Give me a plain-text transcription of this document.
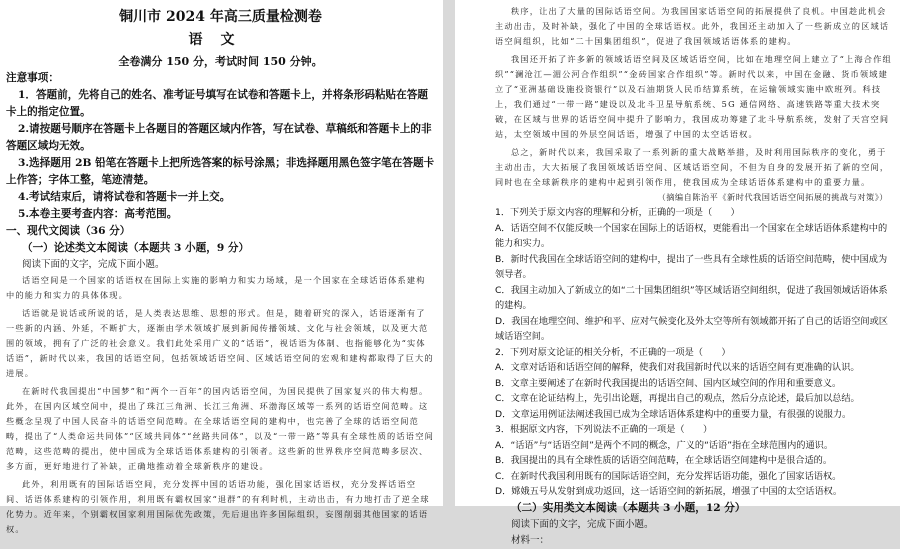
铜川市 2024 年高三质量检测卷
语文
全卷满分 150 分，考试时间 150 分钟。
注意事项：
1．答题前，先将自己的姓名、准考证号填写在试卷和答题卡上，并将条形码粘贴在答题卡上的指定位置。
2.请按题号顺序在答题卡上各题目的答题区域内作答，写在试卷、草稿纸和答题卡上的非答题区域均无效。
3.选择题用 2B 铅笔在答题卡上把所选答案的标号涂黑；非选择题用黑色签字笔在答题卡上作答；字体工整，笔迹清楚。
4.考试结束后，请将试卷和答题卡一并上交。
5.本卷主要考查内容：高考范围。
一、现代文阅读（36 分）
（一）论述类文本阅读（本题共 3 小题，9 分）
阅读下面的文字，完成下面小题。

话语空间是一个国家的话语权在国际上实施的影响力和实力场域，是一个国家在全球话语体系建构中的能力和实力的具体体现。

话语就是说话或所说的话，是人类表达思维、思想的形式。但是，随着研究的深入，话语逐渐有了一些新的内涵、外延，不断扩大，逐渐由学术领域扩展到新闻传播领域、文化与社会领域，以及更大范围的领域，拥有了广泛的社会意义。我们此处采用广义的“话语”，视话语为体制、也指能够化为“实体话语”，新时代以来，我国的话语空间，包括领域话语空间、区域话语空间的宏观和建构都取得了巨大的进展。

在新时代我国提出“中国梦”和“两个一百年”的国内话语空间，为国民提供了国家复兴的伟大构想。此外，在国内区域空间中，提出了珠江三角洲、长江三角洲、环渤海区域等一系列的话语空间范畴。这些概念呈现了中国人民奋斗的话语空间范畴。在全球话语空间的建构中，也完善了全球的话语空间范畴，提出了“人类命运共同体”“区域共同体”“丝路共同体”，以及“一带一路”等具有全球性质的话语空间范畴，这些范畴的提出，使中国成为全球话语体系建构的引领者。这些新的世界秩序空间范畴多层次、多方面，更好地进行了补缺，正确地推动着全球新秩序的建设。

此外，利用既有的国际话语空间，充分发挥中国的话语功能，强化国家话语权，充分发挥话语空间、话语体系建构的引领作用，利用既有霸权国家“退群”的有利时机，主动出击，有力地打击了逆全球化势力。近年来，个别霸权国家利用国际优先政策，先后退出许多国际组织，妄图削弱其他国家的话语权。

秩序，让出了大量的国际话语空间。为我国国家话语空间的拓展提供了良机。中国趁此机会主动出击，及时补缺，强化了中国的全球话语权。此外，我国还主动加入了一些新成立的区域话语空间组织，比如“二十国集团组织”，促进了我国领域话语体系的建构。

我国还开拓了许多新的领域话语空间及区域话语空间，比如在地理空间上建立了“上海合作组织”“澜沧江—湄公河合作组织”“金砖国家合作组织”等。新时代以来，中国在金融、货币领域建立了“亚洲基础设施投资银行”以及石油期货人民币结算系统，在运输领域实施中欧班列。科技上，我们通过“一带一路”建设以及北斗卫星导航系统、5G 通信网络、高速铁路等重大技术突破，在区域与世界的话语空间中提升了影响力，我国成功筹建了北斗导航系统，发射了天宫空间站，太空领域中国的外层空间话语，增强了中国的太空话语权。

总之，新时代以来，我国采取了一系列新的重大战略举措，及时利用国际秩序的变化，勇于主动出击，大大拓展了我国领域话语空间、区域话语空间，不但为自身的发展开拓了新的空间，同时也在全球新秩序的建构中起到引领作用，使我国成为全球话语体系建构中的重要力量。

（摘编自陈治平《新时代我国话语空间拓展的挑战与对策》）
1．下列关于原文内容的理解和分析，正确的一项是（　　）
A．话语空间不仅能反映一个国家在国际上的话语权，更能看出一个国家在全球话语体系建构中的能力和实力。
B．新时代我国在全球话语空间的建构中，提出了一些具有全球性质的话语空间范畴，使中国成为领导者。
C．我国主动加入了新成立的如“二十国集团组织”等区域话语空间组织，促进了我国领域话语体系的建构。
D．我国在地理空间、维护和平、应对气候变化及外太空等所有领域都开拓了自己的话语空间或区域话语空间。
2．下列对原文论证的相关分析，不正确的一项是（　　）
A．文章对话语和话语空间的解释，使我们对我国新时代以来的话语空间有更准确的认识。
B．文章主要阐述了在新时代我国提出的话语空间、国内区域空间的作用和重要意义。
C．文章在论证结构上，先引出论题，再提出自己的观点，然后分点论述，最后加以总结。
D．文章运用例证法阐述我国已成为全球话语体系建构中的重要力量，有很强的说服力。
3．根据原文内容，下列说法不正确的一项是（　　）
A．“话语”与“话语空间”是两个不同的概念，广义的“话语”指在全球范围内的通识。
B．我国提出的具有全球性质的话语空间范畴，在全球话语空间建构中是很合适的。
C．在新时代我国利用既有的国际话语空间，充分发挥话语功能，强化了国家话语权。
D．嫦娥五号从发射到成功返回，这一话语空间的新拓展，增强了中国的太空话语权。
（二）实用类文本阅读（本题共 3 小题，12 分）
阅读下面的文字，完成下面小题。
材料一：
